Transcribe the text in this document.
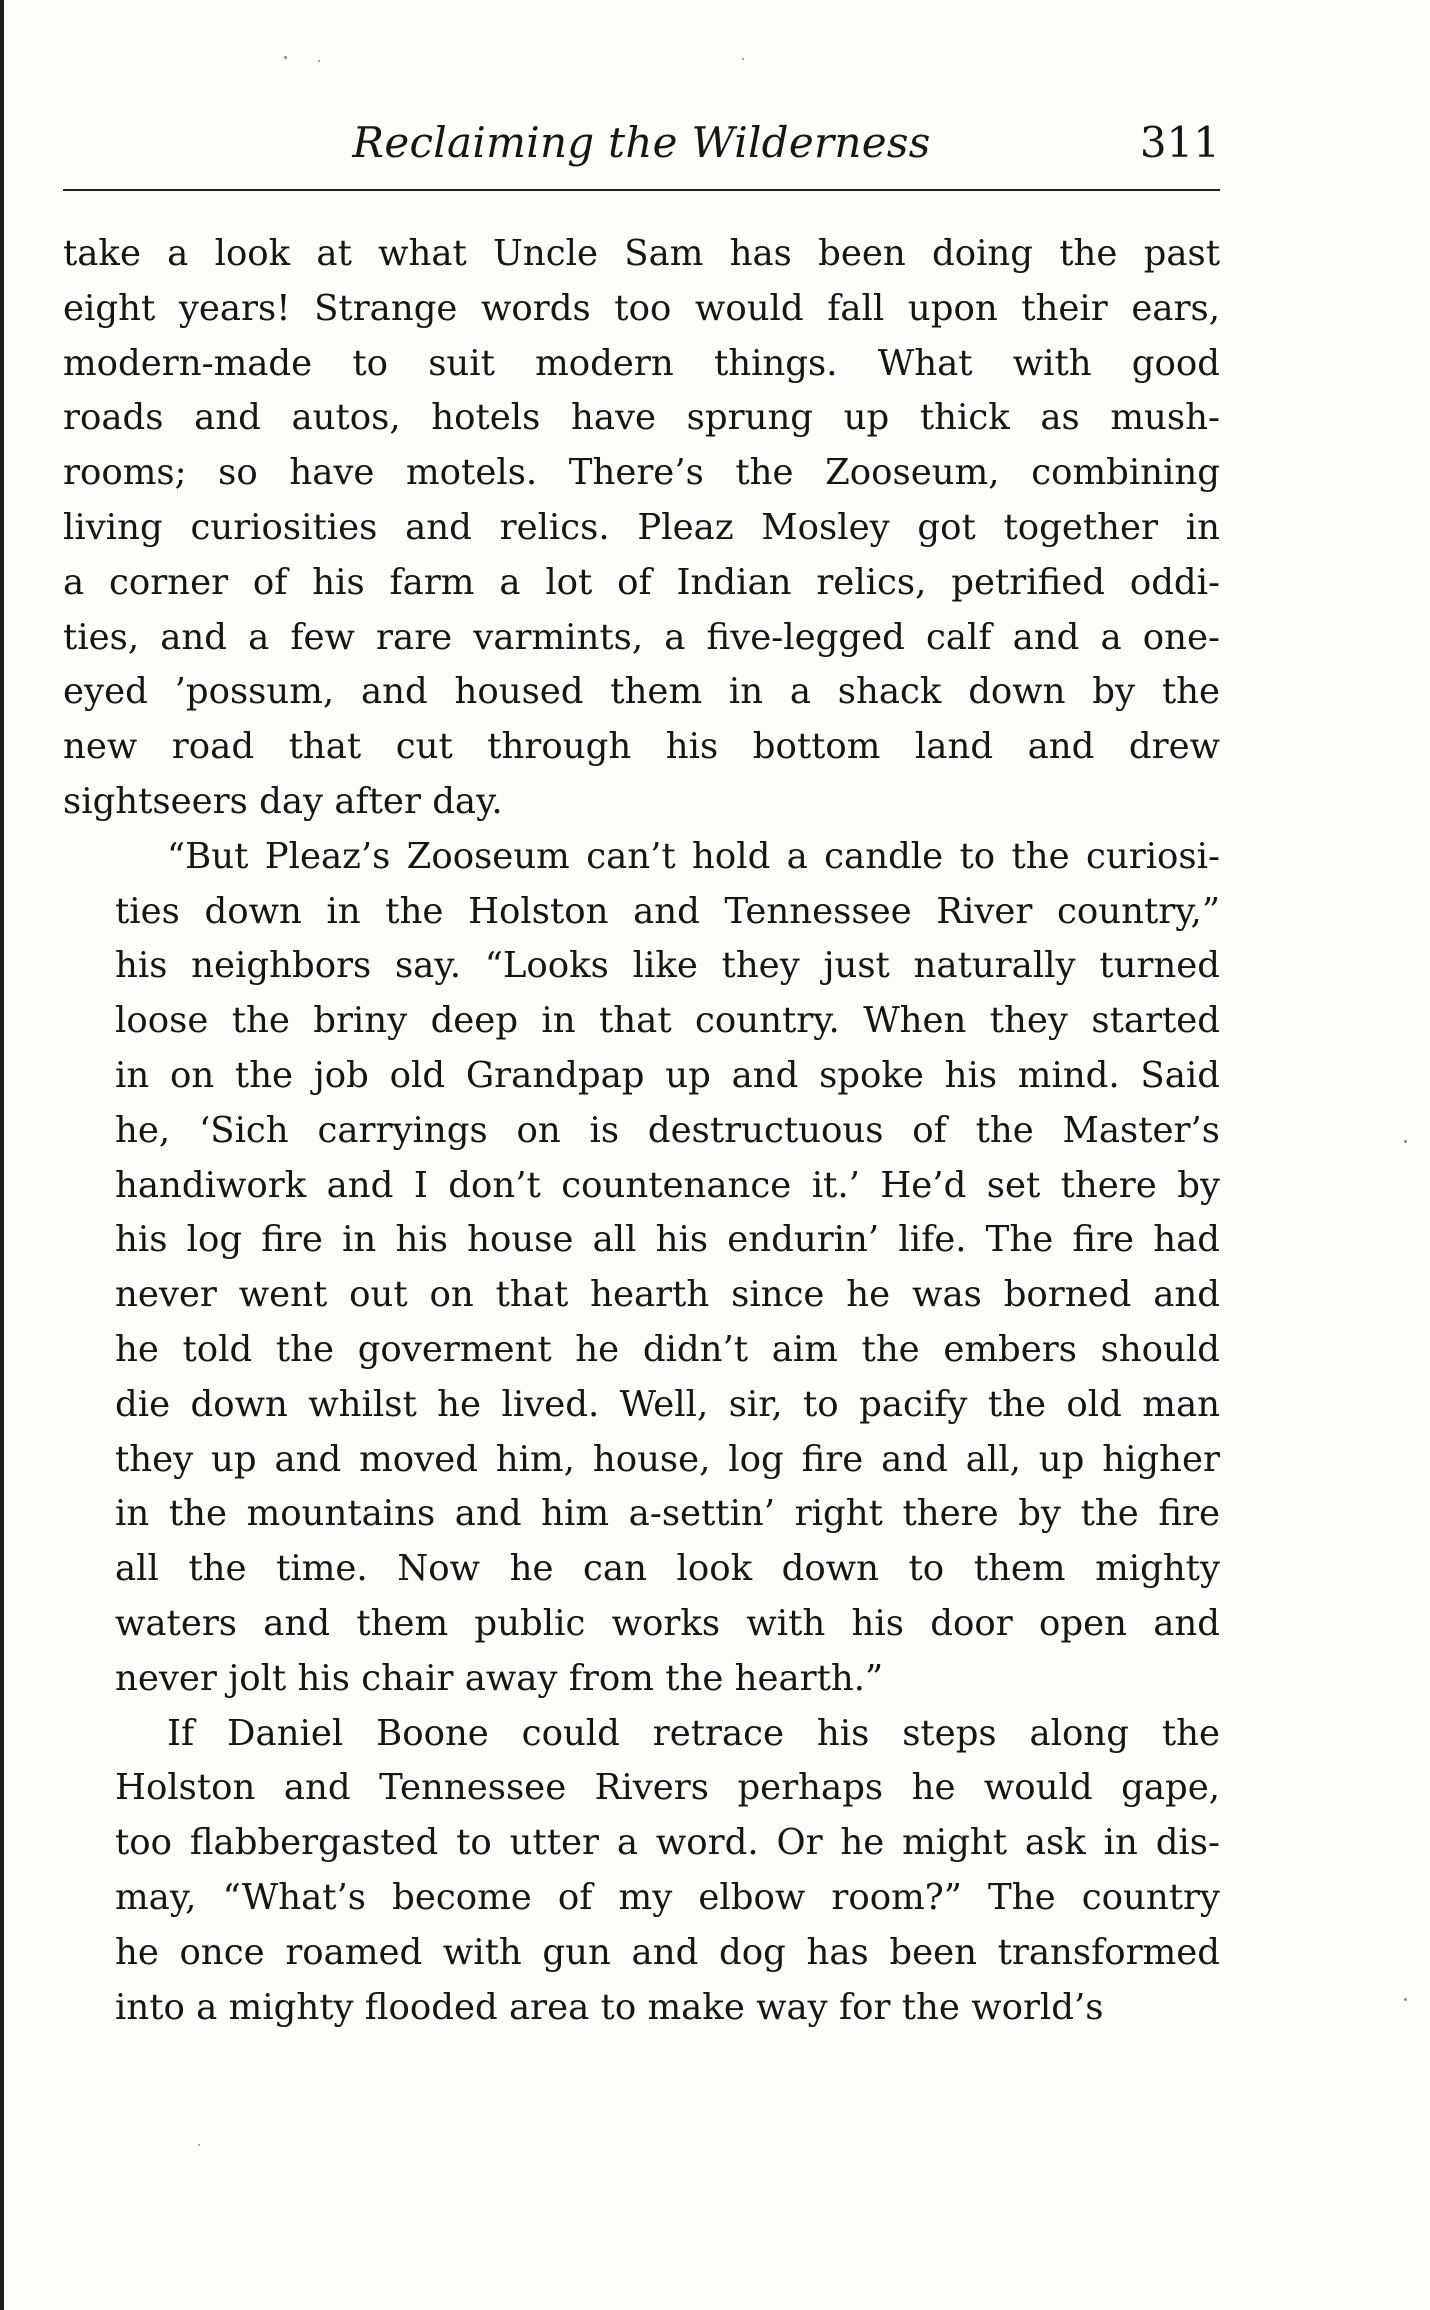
Reclaiming the Wilderness	311
take a look at what Uncle Sam has been doing the past
eight years! Strange words too would fall upon their ears,
modern-made to suit modern things. What with good
roads and autos, hotels have sprung up thick as mush-
rooms; so have motels. There’s the Zooseum, combining
living curiosities and relics. Pleaz Mosley got together in
a corner of his farm a lot of Indian relics, petrified oddi-
ties, and a few rare varmints, a five-legged calf and a one-
eyed ’possum, and housed them in a shack down by the
new road that cut through his bottom land and drew
sightseers day after day.
“But Pleaz’s Zooseum can’t hold a candle to the curiosi-
ties down in the Holston and Tennessee River country,”
his neighbors say. “Looks like they just naturally turned
loose the briny deep in that country. When they started
in on the job old Grandpap up and spoke his mind. Said
he, ‘Sich carryings on is destructuous of the Master’s
handiwork and I don’t countenance it.’ He’d set there by
his log fire in his house all his endurin’ life. The fire had
never went out on that hearth since he was borned and
he told the goverment he didn’t aim the embers should
die down whilst he lived. Well, sir, to pacify the old man
they up and moved him, house, log fire and all, up higher
in the mountains and him a-settin’ right there by the fire
all the time. Now he can look down to them mighty
waters and them public works with his door open and
never jolt his chair away from the hearth.”
If Daniel Boone could retrace his steps along the
Holston and Tennessee Rivers perhaps he would gape,
too flabbergasted to utter a word. Or he might ask in dis-
may, “What’s become of my elbow room?” The country
he once roamed with gun and dog has been transformed
into a mighty flooded area to make way for the world’s
